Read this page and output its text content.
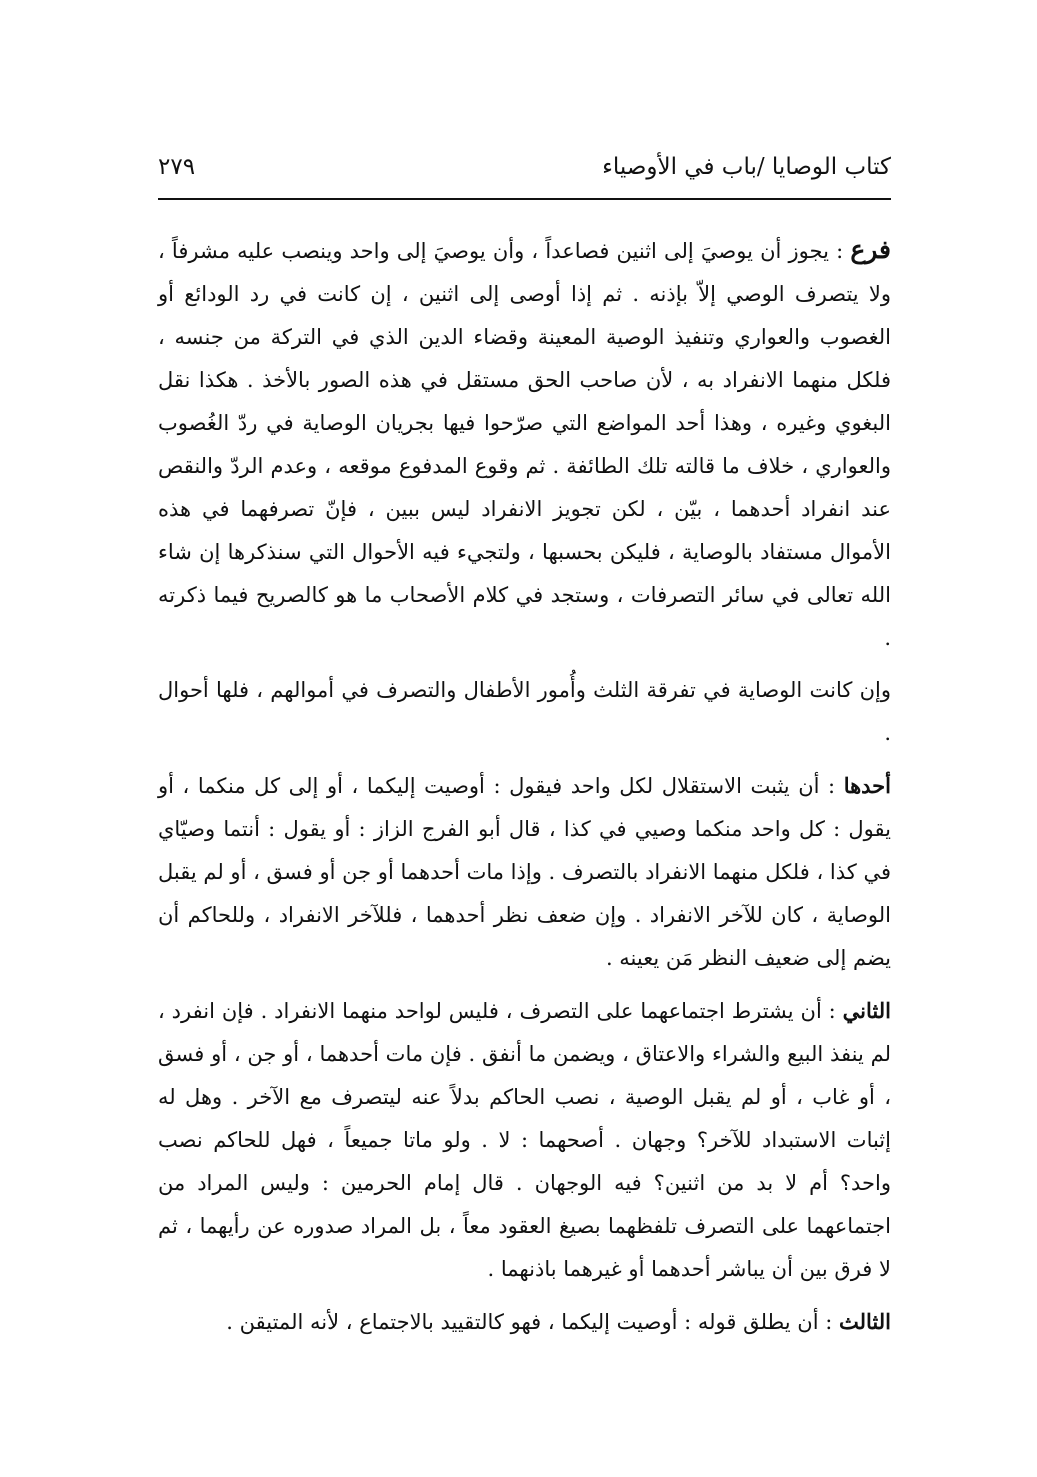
كتاب الوصايا /باب في الأوصياء
٢٧٩

فرع : يجوز أن يوصيَ إلى اثنين فصاعداً ، وأن يوصيَ إلى واحد وينصب عليه مشرفاً ، ولا يتصرف الوصي إلاّ بإذنه . ثم إذا أوصى إلى اثنين ، إن كانت في رد الودائع أو الغصوب والعواري وتنفيذ الوصية المعينة وقضاء الدين الذي في التركة من جنسه ، فلكل منهما الانفراد به ، لأن صاحب الحق مستقل في هذه الصور بالأخذ . هكذا نقل البغوي وغيره ، وهذا أحد المواضع التي صرّحوا فيها بجريان الوصاية في ردّ الغُصوب والعواري ، خلاف ما قالته تلك الطائفة . ثم وقوع المدفوع موقعه ، وعدم الردّ والنقص عند انفراد أحدهما ، بيّن ، لكن تجويز الانفراد ليس ببين ، فإنّ تصرفهما في هذه الأموال مستفاد بالوصاية ، فليكن بحسبها ، ولتجيء فيه الأحوال التي سنذكرها إن شاء الله تعالى في سائر التصرفات ، وستجد في كلام الأصحاب ما هو كالصريح فيما ذكرته .

وإن كانت الوصاية في تفرقة الثلث وأُمور الأطفال والتصرف في أموالهم ، فلها أحوال .

أحدها : أن يثبت الاستقلال لكل واحد فيقول : أوصيت إليكما ، أو إلى كل منكما ، أو يقول : كل واحد منكما وصيي في كذا ، قال أبو الفرج الزاز : أو يقول : أنتما وصيّاي في كذا ، فلكل منهما الانفراد بالتصرف . وإذا مات أحدهما أو جن أو فسق ، أو لم يقبل الوصاية ، كان للآخر الانفراد . وإن ضعف نظر أحدهما ، فللآخر الانفراد ، وللحاكم أن يضم إلى ضعيف النظر مَن يعينه .

الثاني : أن يشترط اجتماعهما على التصرف ، فليس لواحد منهما الانفراد . فإن انفرد ، لم ينفذ البيع والشراء والاعتاق ، ويضمن ما أنفق . فإن مات أحدهما ، أو جن ، أو فسق ، أو غاب ، أو لم يقبل الوصية ، نصب الحاكم بدلاً عنه ليتصرف مع الآخر . وهل له إثبات الاستبداد للآخر؟ وجهان . أصحهما : لا . ولو ماتا جميعاً ، فهل للحاكم نصب واحد؟ أم لا بد من اثنين؟ فيه الوجهان . قال إمام الحرمين : وليس المراد من اجتماعهما على التصرف تلفظهما بصيغ العقود معاً ، بل المراد صدوره عن رأيهما ، ثم لا فرق بين أن يباشر أحدهما أو غيرهما باذنهما .

الثالث : أن يطلق قوله : أوصيت إليكما ، فهو كالتقييد بالاجتماع ، لأنه المتيقن .
